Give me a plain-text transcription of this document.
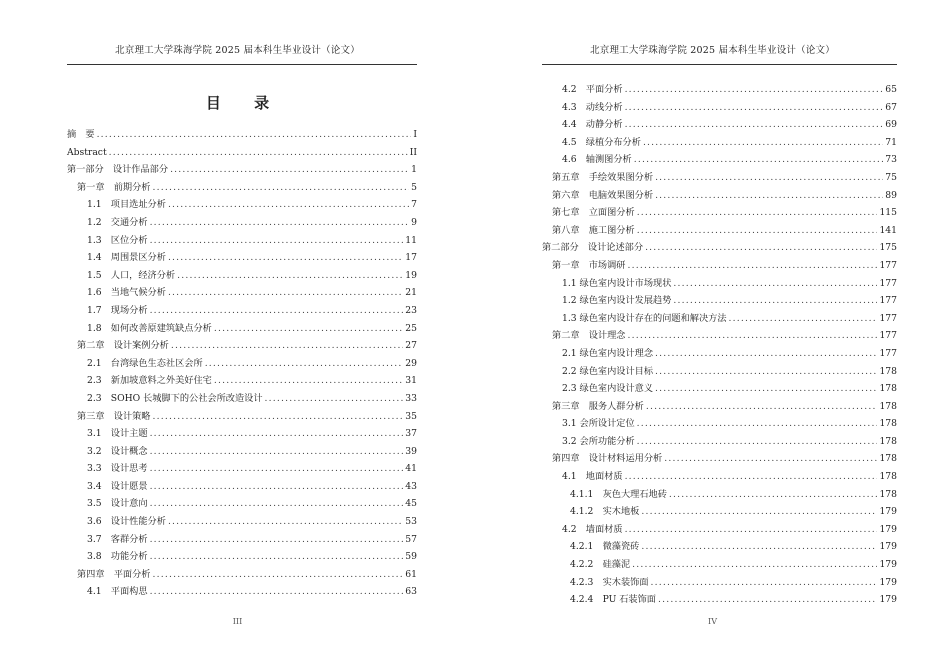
北京理工大学珠海学院 2025 届本科生毕业设计（论文）
目 录
摘　要 .....	I
Abstract .....	II
第一部分　设计作品部分 .....	1
第一章　前期分析 .....	5
1.1　项目选址分析 .....	7
1.2　交通分析 .....	9
1.3　区位分析 .....	11
1.4　周围景区分析 .....	17
1.5　人口，经济分析 .....	19
1.6　当地气候分析 .....	21
1.7　现场分析 .....	23
1.8　如何改善原建筑缺点分析 .....	25
第二章　设计案例分析 .....	27
2.1　台湾绿色生态社区会所 .....	29
2.3　新加坡意料之外美好住宅 .....	31
2.3　SOHO 长城脚下的公社会所改造设计 .....	33
第三章　设计策略 .....	35
3.1　设计主题 .....	37
3.2　设计概念 .....	39
3.3　设计思考 .....	41
3.4　设计愿景 .....	43
3.5　设计意向 .....	45
3.6　设计性能分析 .....	53
3.7　客群分析 .....	57
3.8　功能分析 .....	59
第四章　平面分析 .....	61
4.1　平面构思 .....	63
III
北京理工大学珠海学院 2025 届本科生毕业设计（论文）
4.2　平面分析 .....	65
4.3　动线分析 .....	67
4.4　动静分析 .....	69
4.5　绿植分布分析 .....	71
4.6　轴测图分析 .....	73
第五章　手绘效果图分析 .....	75
第六章　电脑效果图分析 .....	89
第七章　立面图分析 .....	115
第八章　施工图分析 .....	141
第二部分　设计论述部分 .....	175
第一章　市场调研 .....	177
1.1 绿色室内设计市场现状 .....	177
1.2 绿色室内设计发展趋势 .....	177
1.3 绿色室内设计存在的问题和解决方法 .....	177
第二章　设计理念 .....	177
2.1 绿色室内设计理念 .....	177
2.2 绿色室内设计目标 .....	178
2.3 绿色室内设计意义 .....	178
第三章　服务人群分析 .....	178
3.1 会所设计定位 .....	178
3.2 会所功能分析 .....	178
第四章　设计材料运用分析 .....	178
4.1　地面材质 .....	178
4.1.1　灰色大理石地砖 .....	178
4.1.2　实木地板 .....	179
4.2　墙面材质 .....	179
4.2.1　微藻瓷砖 .....	179
4.2.2　硅藻泥 .....	179
4.2.3　实木装饰面 .....	179
4.2.4　PU 石装饰面 .....	179
IV
